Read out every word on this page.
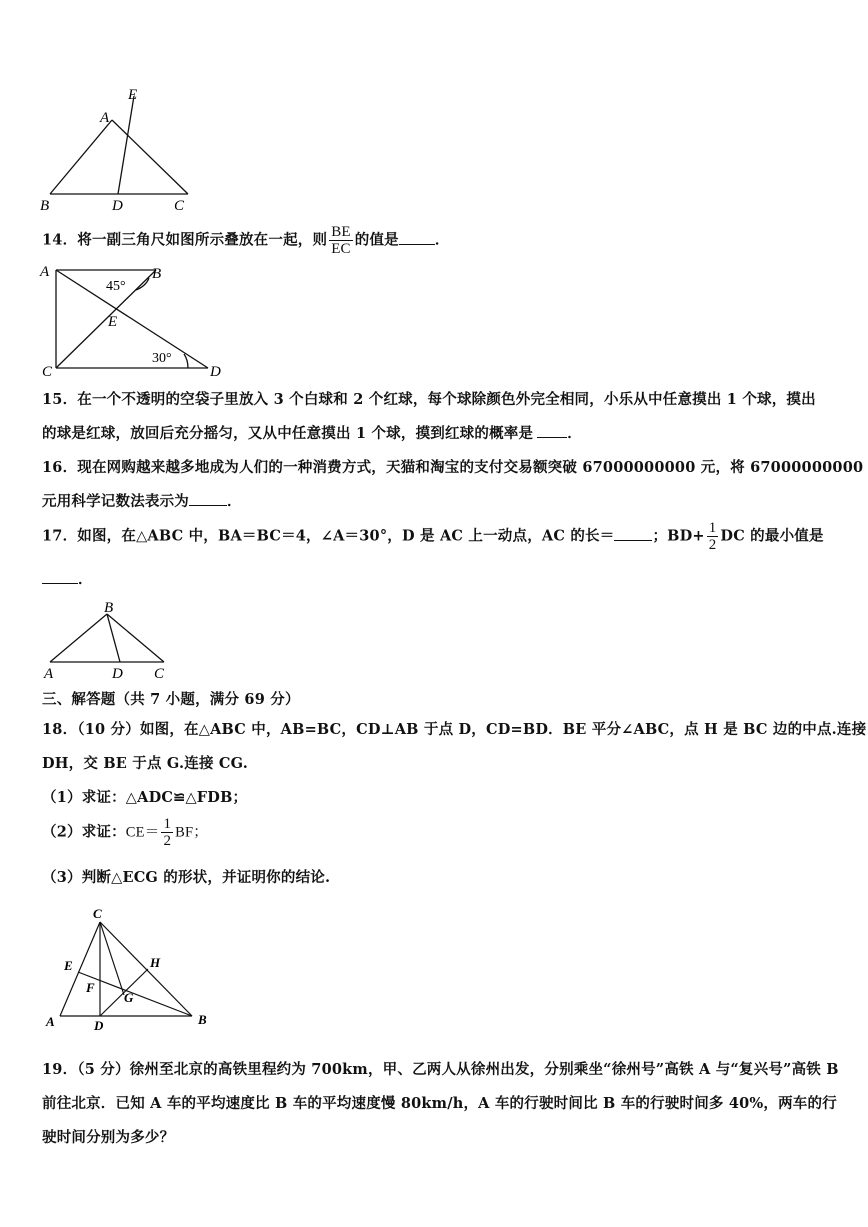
A
E
B	D	C
14．将一副三角尺如图所示叠放在一起，则 $\frac{BE}{EC}$ 的值是 ．
A	B
E
C	D
45°
30°
15．在一个不透明的空袋子里放入 3 个白球和 2 个红球，每个球除颜色外完全相同，小乐从中任意摸出 1 个球，摸出
的球是红球，放回后充分摇匀，又从中任意摸出 1 个球，摸到红球的概率是 ．
16．现在网购越来越多地成为人们的一种消费方式，天猫和淘宝的支付交易额突破 67000000000 元，将 67000000000
元用科学记数法表示为	．
17．如图，在△ABC 中，BA＝BC＝4，∠A＝30°，D 是 AC 上一动点，AC 的长＝	；$BD+ \frac{1}{2}$ DC 的最小值是
．
B
A	D C
三、解答题（共 7 小题，满分 69 分）
18．（10 分）如图，在△ABC 中，AB=BC，CD⊥AB 于点 D，CD=BD．BE 平分∠ABC，点 H 是 BC 边的中点.连接
DH，交 BE 于点 G.连接 CG.
（1）求证：△ADC≌△FDB；
（2）求证：$CE= \frac{1}{2}$ BF；
（3）判断△ECG 的形状，并证明你的结论.
C
E	H
F
G
A	D	B
19．（5 分）徐州至北京的高铁里程约为 700km，甲、乙两人从徐州出发，分别乘坐“徐州号”高铁 A 与“复兴号”高铁 B
前往北京．已知 A 车的平均速度比 B 车的平均速度慢 80km/h，A 车的行驶时间比 B 车的行驶时间多 40%，两车的行
驶时间分别为多少？
